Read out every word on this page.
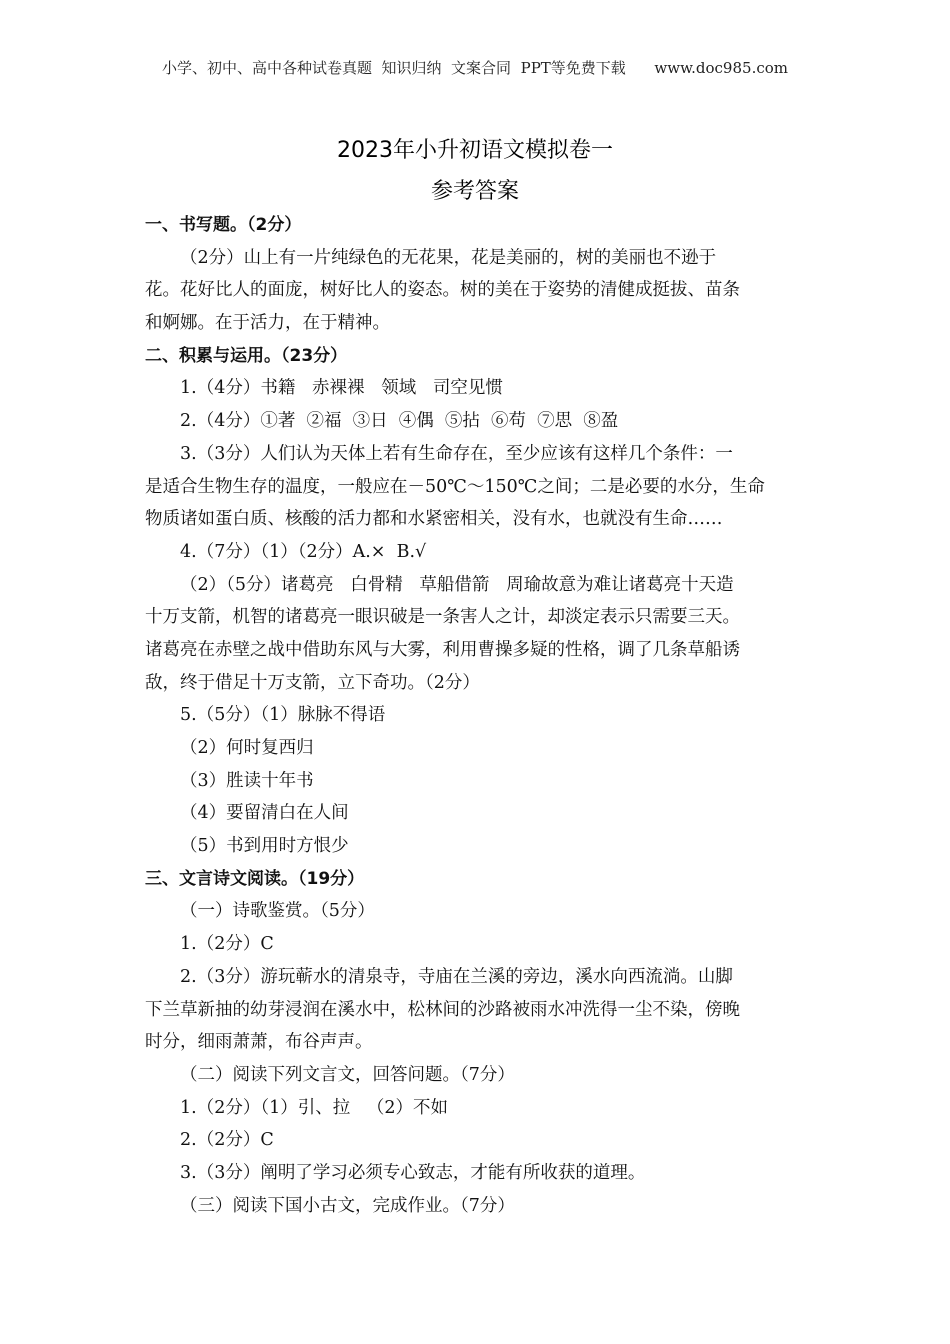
小学、初中、高中各种试卷真题  知识归纳  文案合同  PPT等免费下载      www.doc985.com
2023年小升初语文模拟卷一
参考答案
一、书写题。（2分）
（2分）山上有一片纯绿色的无花果，花是美丽的，树的美丽也不逊于
花。花好比人的面庞，树好比人的姿态。树的美在于姿势的清健成挺拔、苗条
和婀娜。在于活力，在于精神。
二、积累与运用。（23分）
1.（4分）书籍   赤裸裸   领域   司空见惯
2.（4分）①著  ②福  ③日  ④偶  ⑤拈  ⑥苟  ⑦思  ⑧盈
3.（3分）人们认为天体上若有生命存在，至少应该有这样几个条件：一
是适合生物生存的温度，一般应在－50℃～150℃之间；二是必要的水分，生命
物质诸如蛋白质、核酸的活力都和水紧密相关，没有水，也就没有生命……
4.（7分）（1）（2分）A.×  B.√
（2）（5分）诸葛亮   白骨精   草船借箭   周瑜故意为难让诸葛亮十天造
十万支箭，机智的诸葛亮一眼识破是一条害人之计，却淡定表示只需要三天。
诸葛亮在赤壁之战中借助东风与大雾，利用曹操多疑的性格，调了几条草船诱
敌，终于借足十万支箭，立下奇功。（2分）
5.（5分）（1）脉脉不得语
（2）何时复西归
（3）胜读十年书
（4）要留清白在人间
（5）书到用时方恨少
三、文言诗文阅读。（19分）
（一）诗歌鉴赏。（5分）
1.（2分）C
2.（3分）游玩蕲水的清泉寺，寺庙在兰溪的旁边，溪水向西流淌。山脚
下兰草新抽的幼芽浸润在溪水中，松林间的沙路被雨水冲洗得一尘不染，傍晚
时分，细雨萧萧，布谷声声。
（二）阅读下列文言文，回答问题。（7分）
1.（2分）（1）引、拉   （2）不如
2.（2分）C
3.（3分）阐明了学习必须专心致志，才能有所收获的道理。
（三）阅读下国小古文，完成作业。（7分）
